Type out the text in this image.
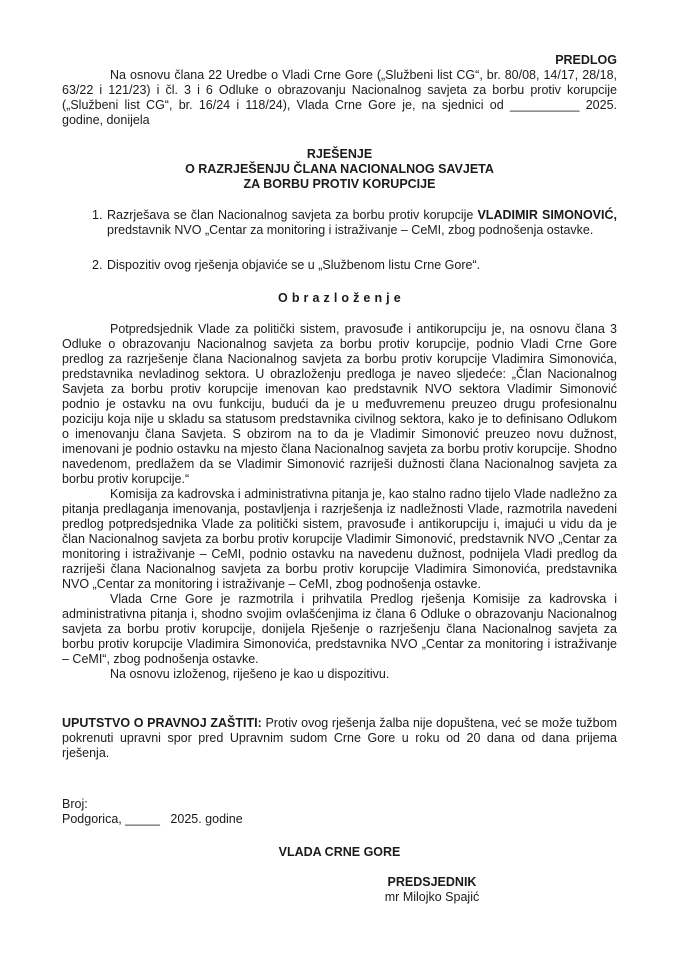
PREDLOG

Na osnovu člana 22 Uredbe o Vladi Crne Gore („Službeni list CG“, br. 80/08, 14/17, 28/18, 63/22 i 121/23) i čl. 3 i 6 Odluke o obrazovanju Nacionalnog savjeta za borbu protiv korupcije („Službeni list CG“, br. 16/24 i 118/24), Vlada Crne Gore je, na sjednici od __________ 2025. godine, donijela

RJEŠENJE
O RAZRJEŠENJU ČLANA NACIONALNOG SAVJETA
ZA BORBU PROTIV KORUPCIJE
1. Razrješava se član Nacionalnog savjeta za borbu protiv korupcije VLADIMIR SIMONOVIĆ, predstavnik NVO „Centar za monitoring i istraživanje – CeMI, zbog podnošenja ostavke.

2. Dispozitiv ovog rješenja objaviće se u „Službenom listu Crne Gore“.

O b r a z l o ž e n j e

Potpredsjednik Vlade za politički sistem, pravosuđe i antikorupciju je, na osnovu člana 3 Odluke o obrazovanju Nacionalnog savjeta za borbu protiv korupcije, podnio Vladi Crne Gore predlog za razrješenje člana Nacionalnog savjeta za borbu protiv korupcije Vladimira Simonovića, predstavnika nevladinog sektora. U obrazloženju predloga je naveo sljedeće: „Član Nacionalnog Savjeta za borbu protiv korupcije imenovan kao predstavnik NVO sektora Vladimir Simonović podnio je ostavku na ovu funkciju, budući da je u međuvremenu preuzeo drugu profesionalnu poziciju koja nije u skladu sa statusom predstavnika civilnog sektora, kako je to definisano Odlukom o imenovanju člana Savjeta. S obzirom na to da je Vladimir Simonović preuzeo novu dužnost, imenovani je podnio ostavku na mjesto člana Nacionalnog savjeta za borbu protiv korupcije. Shodno navedenom, predlažem da se Vladimir Simonović razriješi dužnosti člana Nacionalnog savjeta za borbu protiv korupcije.“

Komisija za kadrovska i administrativna pitanja je, kao stalno radno tijelo Vlade nadležno za pitanja predlaganja imenovanja, postavljenja i razrješenja iz nadležnosti Vlade, razmotrila navedeni predlog potpredsjednika Vlade za politički sistem, pravosuđe i antikorupciju i, imajući u vidu da je član Nacionalnog savjeta za borbu protiv korupcije Vladimir Simonović, predstavnik NVO „Centar za monitoring i istraživanje – CeMI, podnio ostavku na navedenu dužnost, podnijela Vladi predlog da razriješi člana Nacionalnog savjeta za borbu protiv korupcije Vladimira Simonovića, predstavnika NVO „Centar za monitoring i istraživanje – CeMI, zbog podnošenja ostavke.

Vlada Crne Gore je razmotrila i prihvatila Predlog rješenja Komisije za kadrovska i administrativna pitanja i, shodno svojim ovlašćenjima iz člana 6 Odluke o obrazovanju Nacionalnog savjeta za borbu protiv korupcije, donijela Rješenje o razrješenju člana Nacionalnog savjeta za borbu protiv korupcije Vladimira Simonovića, predstavnika NVO „Centar za monitoring i istraživanje – CeMI“, zbog podnošenja ostavke.

Na osnovu izloženog, riješeno je kao u dispozitivu.

UPUTSTVO O PRAVNOJ ZAŠTITI: Protiv ovog rješenja žalba nije dopuštena, već se može tužbom pokrenuti upravni spor pred Upravnim sudom Crne Gore u roku od 20 dana od dana prijema rješenja.

Broj:
Podgorica, _____   2025. godine
VLADA CRNE GORE
PREDSJEDNIK
mr Milojko Spajić
